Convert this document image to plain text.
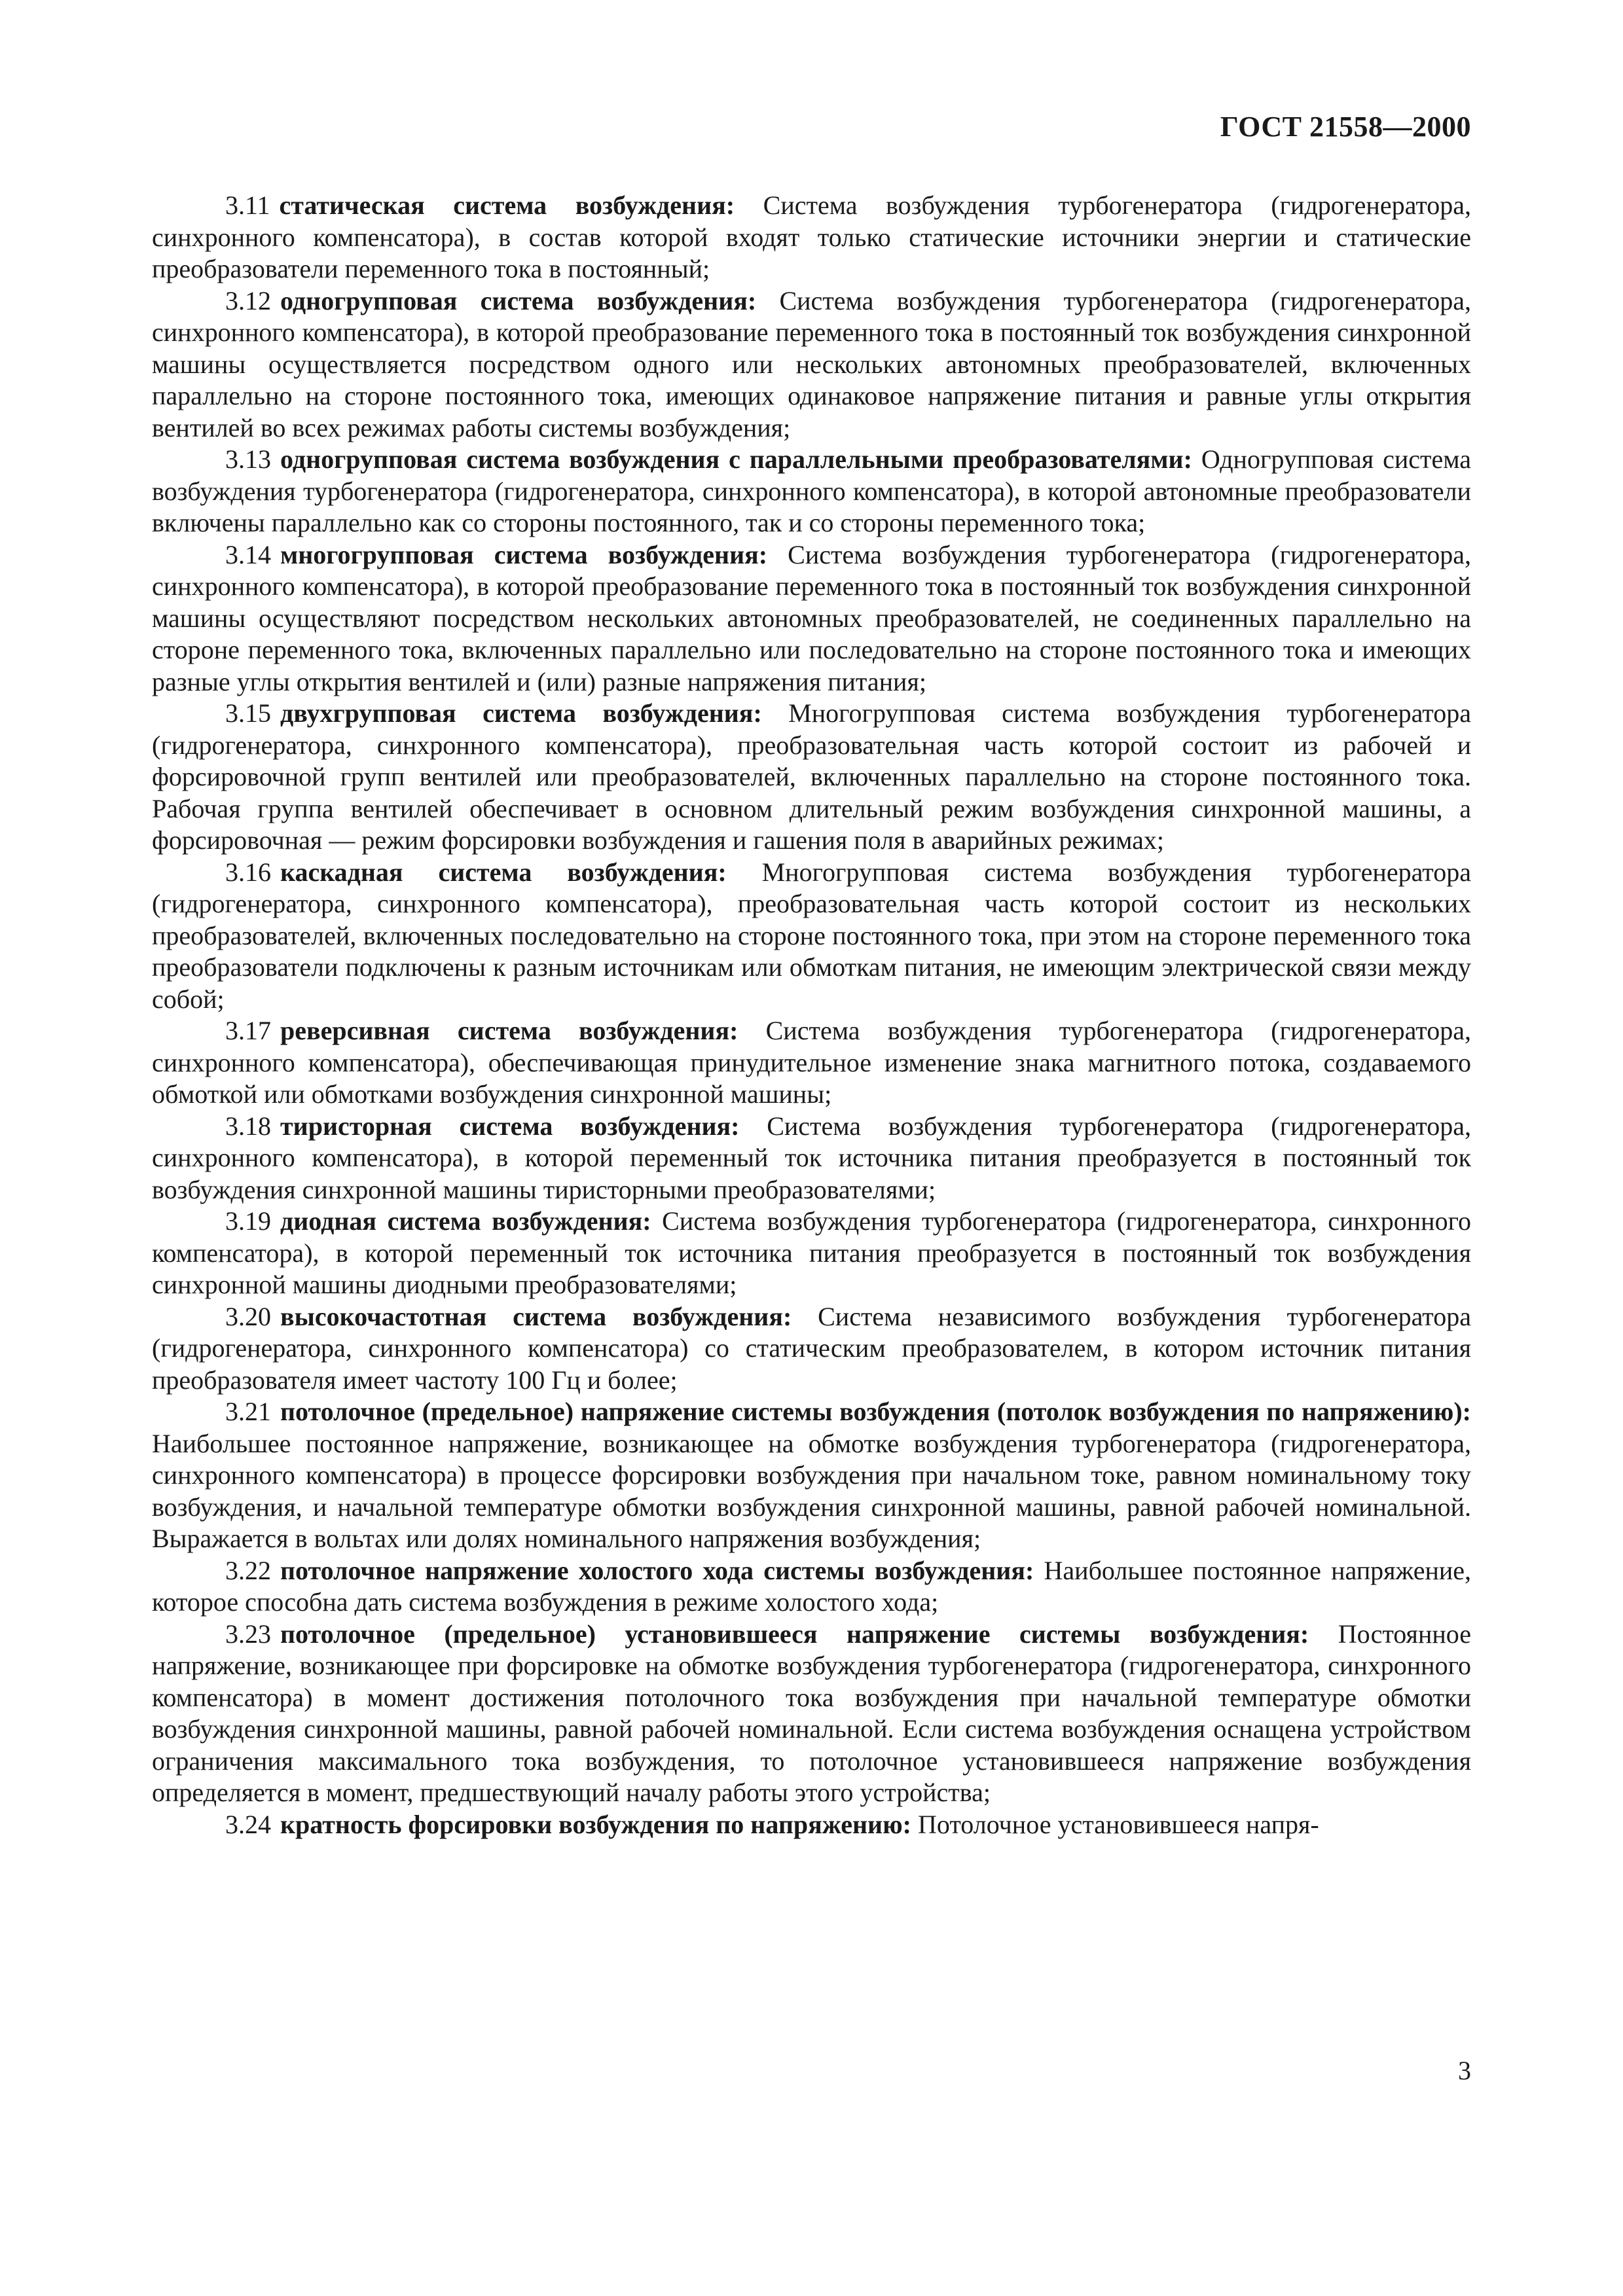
ГОСТ 21558—2000

3.11 статическая система возбуждения: Система возбуждения турбогенератора (гидрогенератора, синхронного компенсатора), в состав которой входят только статические источники энергии и статические преобразователи переменного тока в постоянный;

3.12 одногрупповая система возбуждения: Система возбуждения турбогенератора (гидрогенератора, синхронного компенсатора), в которой преобразование переменного тока в постоянный ток возбуждения синхронной машины осуществляется посредством одного или нескольких автономных преобразователей, включенных параллельно на стороне постоянного тока, имеющих одинаковое напряжение питания и равные углы открытия вентилей во всех режимах работы системы возбуждения;

3.13 одногрупповая система возбуждения с параллельными преобразователями: Одногрупповая система возбуждения турбогенератора (гидрогенератора, синхронного компенсатора), в которой автономные преобразователи включены параллельно как со стороны постоянного, так и со стороны переменного тока;

3.14 многогрупповая система возбуждения: Система возбуждения турбогенератора (гидрогенератора, синхронного компенсатора), в которой преобразование переменного тока в постоянный ток возбуждения синхронной машины осуществляют посредством нескольких автономных преобразователей, не соединенных параллельно на стороне переменного тока, включенных параллельно или последовательно на стороне постоянного тока и имеющих разные углы открытия вентилей и (или) разные напряжения питания;

3.15 двухгрупповая система возбуждения: Многогрупповая система возбуждения турбогенератора (гидрогенератора, синхронного компенсатора), преобразовательная часть которой состоит из рабочей и форсировочной групп вентилей или преобразователей, включенных параллельно на стороне постоянного тока. Рабочая группа вентилей обеспечивает в основном длительный режим возбуждения синхронной машины, а форсировочная — режим форсировки возбуждения и гашения поля в аварийных режимах;

3.16 каскадная система возбуждения: Многогрупповая система возбуждения турбогенератора (гидрогенератора, синхронного компенсатора), преобразовательная часть которой состоит из нескольких преобразователей, включенных последовательно на стороне постоянного тока, при этом на стороне переменного тока преобразователи подключены к разным источникам или обмоткам питания, не имеющим электрической связи между собой;

3.17 реверсивная система возбуждения: Система возбуждения турбогенератора (гидрогенератора, синхронного компенсатора), обеспечивающая принудительное изменение знака магнитного потока, создаваемого обмоткой или обмотками возбуждения синхронной машины;

3.18 тиристорная система возбуждения: Система возбуждения турбогенератора (гидрогенератора, синхронного компенсатора), в которой переменный ток источника питания преобразуется в постоянный ток возбуждения синхронной машины тиристорными преобразователями;

3.19 диодная система возбуждения: Система возбуждения турбогенератора (гидрогенератора, синхронного компенсатора), в которой переменный ток источника питания преобразуется в постоянный ток возбуждения синхронной машины диодными преобразователями;

3.20 высокочастотная система возбуждения: Система независимого возбуждения турбогенератора (гидрогенератора, синхронного компенсатора) со статическим преобразователем, в котором источник питания преобразователя имеет частоту 100 Гц и более;

3.21 потолочное (предельное) напряжение системы возбуждения (потолок возбуждения по напряжению): Наибольшее постоянное напряжение, возникающее на обмотке возбуждения турбогенератора (гидрогенератора, синхронного компенсатора) в процессе форсировки возбуждения при начальном токе, равном номинальному току возбуждения, и начальной температуре обмотки возбуждения синхронной машины, равной рабочей номинальной. Выражается в вольтах или долях номинального напряжения возбуждения;

3.22 потолочное напряжение холостого хода системы возбуждения: Наибольшее постоянное напряжение, которое способна дать система возбуждения в режиме холостого хода;

3.23 потолочное (предельное) установившееся напряжение системы возбуждения: Постоянное напряжение, возникающее при форсировке на обмотке возбуждения турбогенератора (гидрогенератора, синхронного компенсатора) в момент достижения потолочного тока возбуждения при начальной температуре обмотки возбуждения синхронной машины, равной рабочей номинальной. Если система возбуждения оснащена устройством ограничения максимального тока возбуждения, то потолочное установившееся напряжение возбуждения определяется в момент, предшествующий началу работы этого устройства;

3.24 кратность форсировки возбуждения по напряжению: Потолочное установившееся напря-

3
